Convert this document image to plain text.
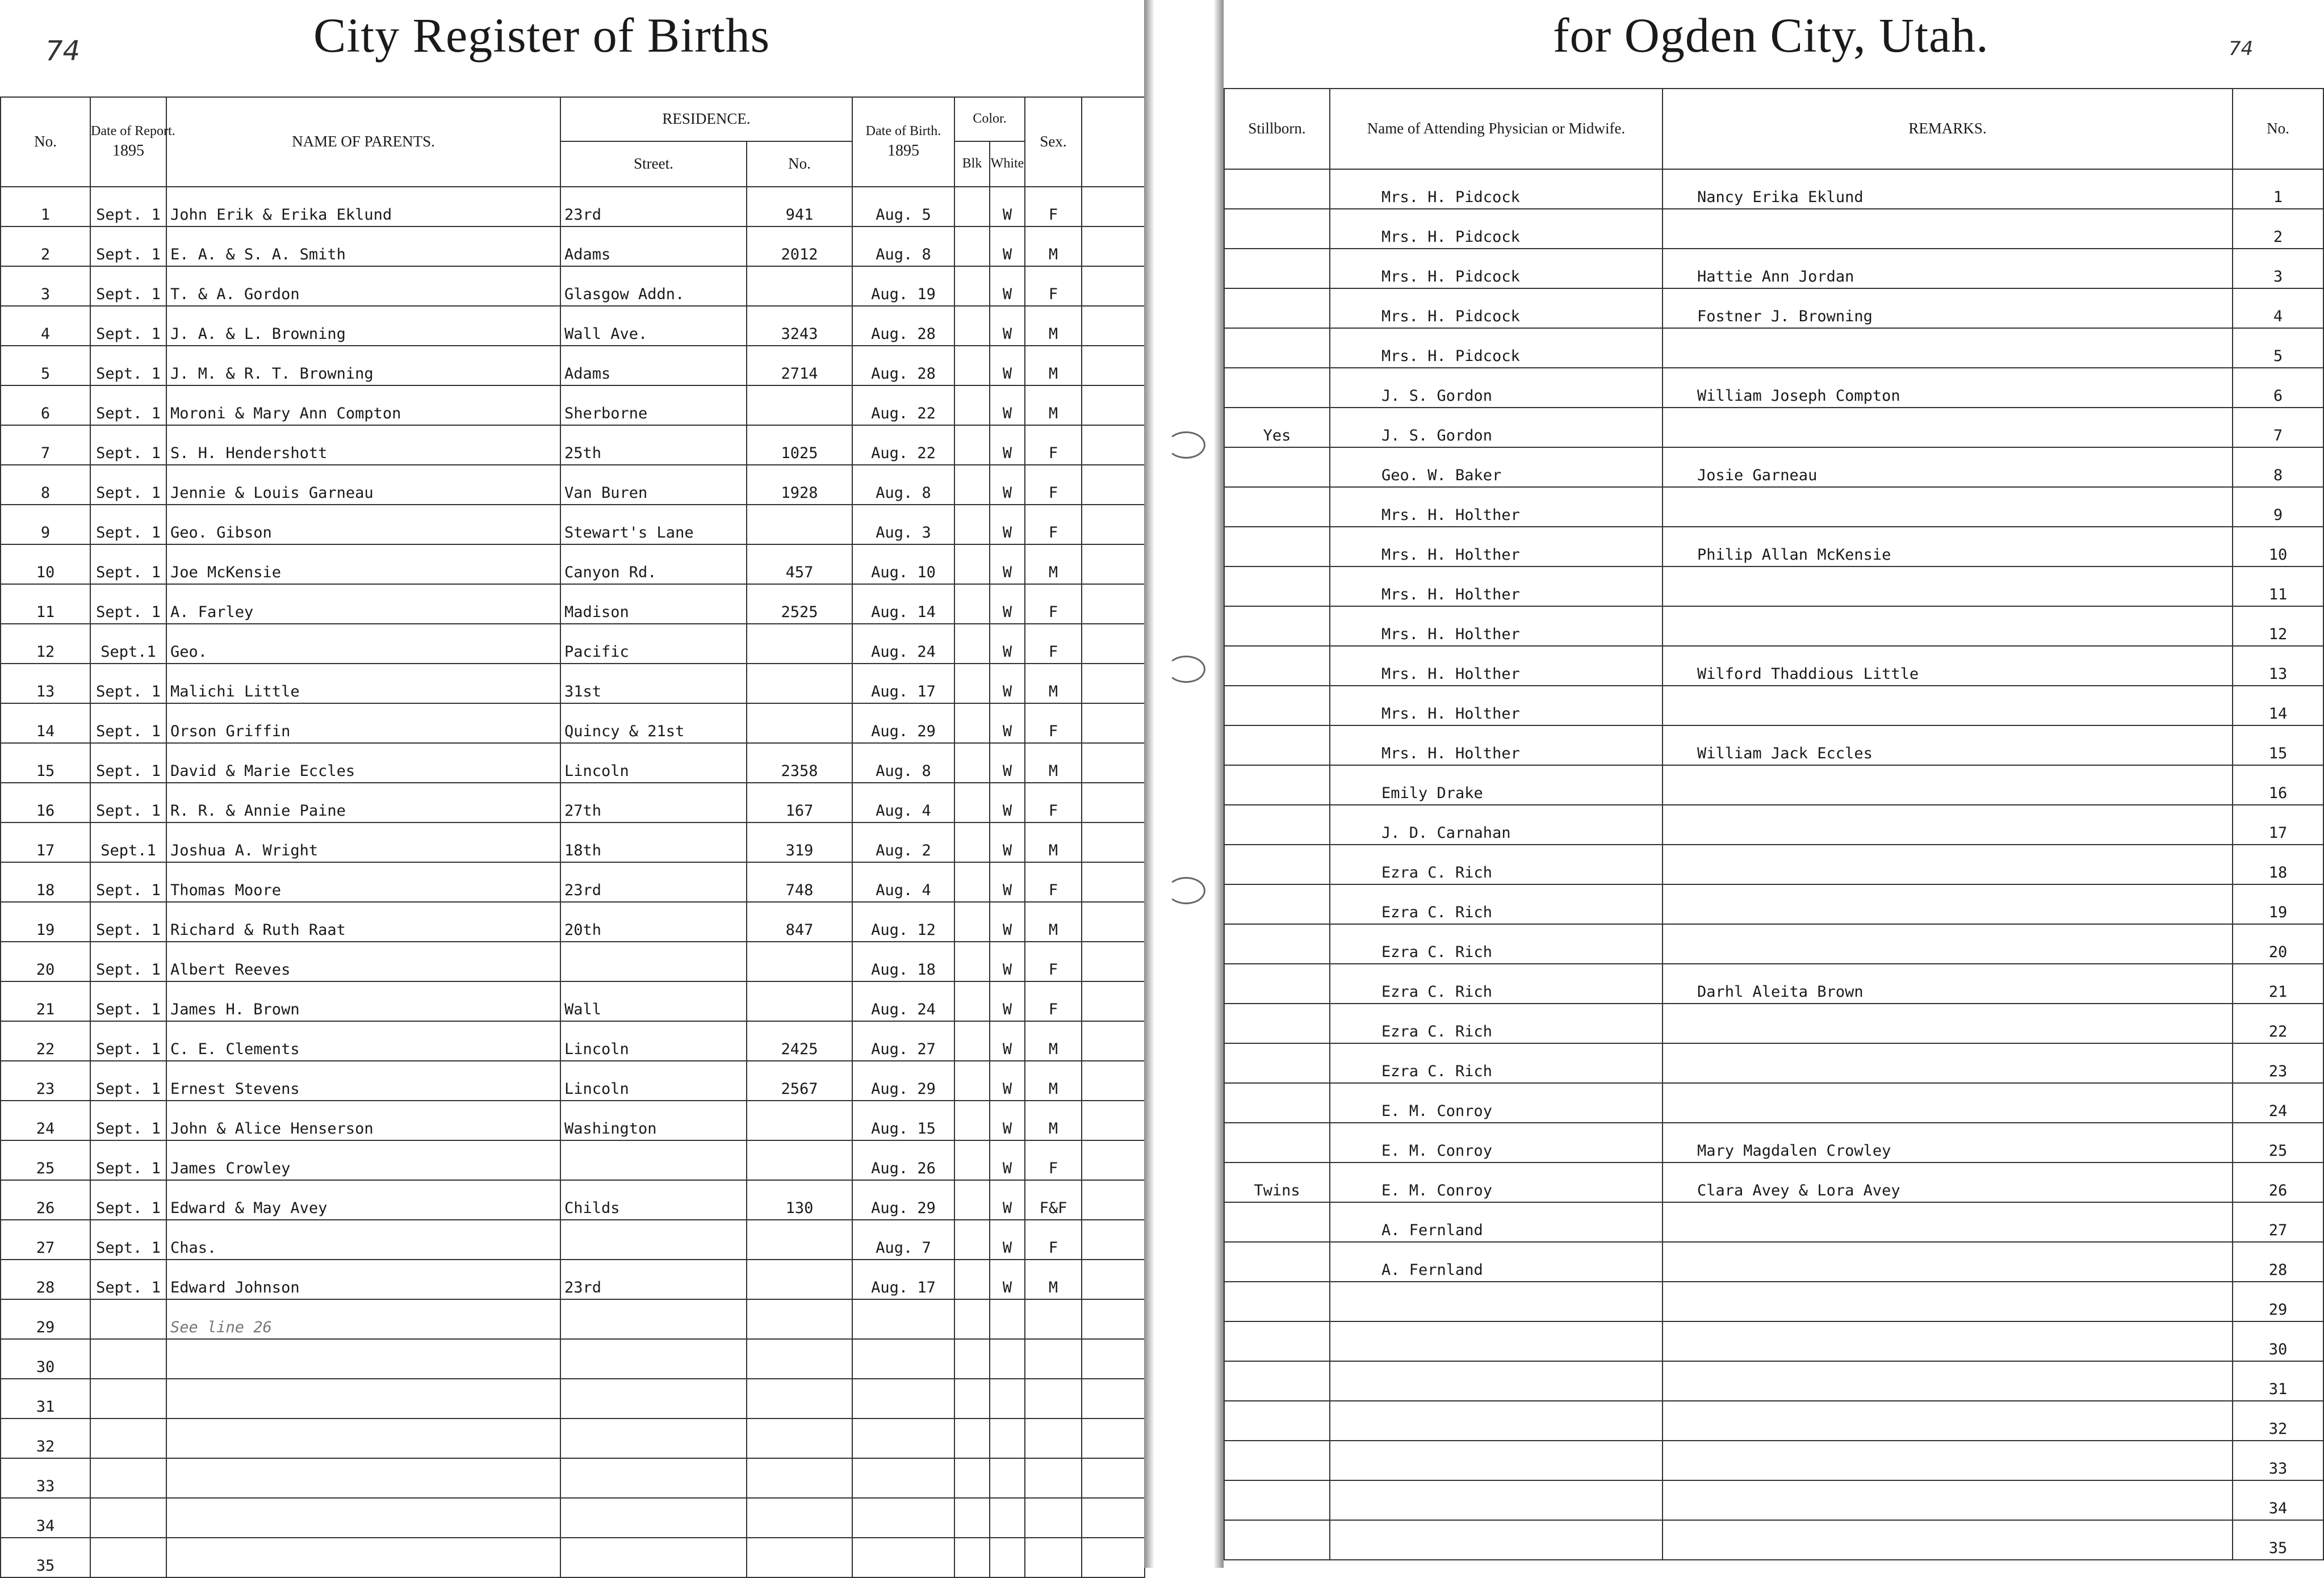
74	City Register of Births
No.	Date of Report.
1895	NAME OF PARENTS.	RESIDENCE.		Date of Birth.
1895	Color.		Sex.	
			Street.	No.		Blk	White		
1	Sept. 1	John Erik & Erika Eklund	23rd	941	Aug. 5		W	F	
2	Sept. 1	E. A. & S. A. Smith	Adams	2012	Aug. 8		W	M	
3	Sept. 1	T. & A. Gordon	Glasgow Addn.		Aug. 19		W	F	
4	Sept. 1	J. A. & L. Browning	Wall Ave.	3243	Aug. 28		W	M	
5	Sept. 1	J. M. & R. T. Browning	Adams	2714	Aug. 28		W	M	
6	Sept. 1	Moroni & Mary Ann Compton	Sherborne		Aug. 22		W	M	
7	Sept. 1	S. H. Hendershott	25th	1025	Aug. 22		W	F	
8	Sept. 1	Jennie & Louis Garneau	Van Buren	1928	Aug. 8		W	F	
9	Sept. 1	Geo. Gibson	Stewart's Lane		Aug. 3		W	F	
10	Sept. 1	Joe McKensie	Canyon Rd.	457	Aug. 10		W	M	
11	Sept. 1	A. Farley	Madison	2525	Aug. 14		W	F	
12	Sept.1	Geo.	Pacific		Aug. 24		W	F	
13	Sept. 1	Malichi Little	31st		Aug. 17		W	M	
14	Sept. 1	Orson Griffin	Quincy & 21st		Aug. 29		W	F	
15	Sept. 1	David & Marie Eccles	Lincoln	2358	Aug. 8		W	M	
16	Sept. 1	R. R. & Annie Paine	27th	167	Aug. 4		W	F	
17	Sept.1	Joshua A. Wright	18th	319	Aug. 2		W	M	
18	Sept. 1	Thomas Moore	23rd	748	Aug. 4		W	F	
19	Sept. 1	Richard & Ruth Raat	20th	847	Aug. 12		W	M	
20	Sept. 1	Albert Reeves			Aug. 18		W	F	
21	Sept. 1	James H. Brown	Wall		Aug. 24		W	F	
22	Sept. 1	C. E. Clements	Lincoln	2425	Aug. 27		W	M	
23	Sept. 1	Ernest Stevens	Lincoln	2567	Aug. 29		W	M	
24	Sept. 1	John & Alice Henserson	Washington		Aug. 15		W	M	
25	Sept. 1	James Crowley			Aug. 26		W	F	
26	Sept. 1	Edward & May Avey	Childs	130	Aug. 29		W	F&F	
27	Sept. 1	Chas.			Aug. 7		W	F	
28	Sept. 1	Edward Johnson	23rd		Aug. 17		W	M	
29		See line 26							
30									
31									
32									
33									
34									
35									
for Ogden City, Utah.	74
Stillborn.	Name of Attending Physician or Midwife.	REMARKS.	No.
	Mrs. H. Pidcock	Nancy Erika Eklund	1
	Mrs. H. Pidcock		2
	Mrs. H. Pidcock	Hattie Ann Jordan	3
	Mrs. H. Pidcock	Fostner J. Browning	4
	Mrs. H. Pidcock		5
	J. S. Gordon	William Joseph Compton	6
Yes	J. S. Gordon		7
	Geo. W. Baker	Josie Garneau	8
	Mrs. H. Holther		9
	Mrs. H. Holther	Philip Allan McKensie	10
	Mrs. H. Holther		11
	Mrs. H. Holther		12
	Mrs. H. Holther	Wilford Thaddious Little	13
	Mrs. H. Holther		14
	Mrs. H. Holther	William Jack Eccles	15
	Emily Drake		16
	J. D. Carnahan		17
	Ezra C. Rich		18
	Ezra C. Rich		19
	Ezra C. Rich		20
	Ezra C. Rich	Darhl Aleita Brown	21
	Ezra C. Rich		22
	Ezra C. Rich		23
	E. M. Conroy		24
	E. M. Conroy	Mary Magdalen Crowley	25
Twins	E. M. Conroy	Clara Avey & Lora Avey	26
	A. Fernland		27
	A. Fernland		28
			29
			30
			31
			32
			33
			34
			35
